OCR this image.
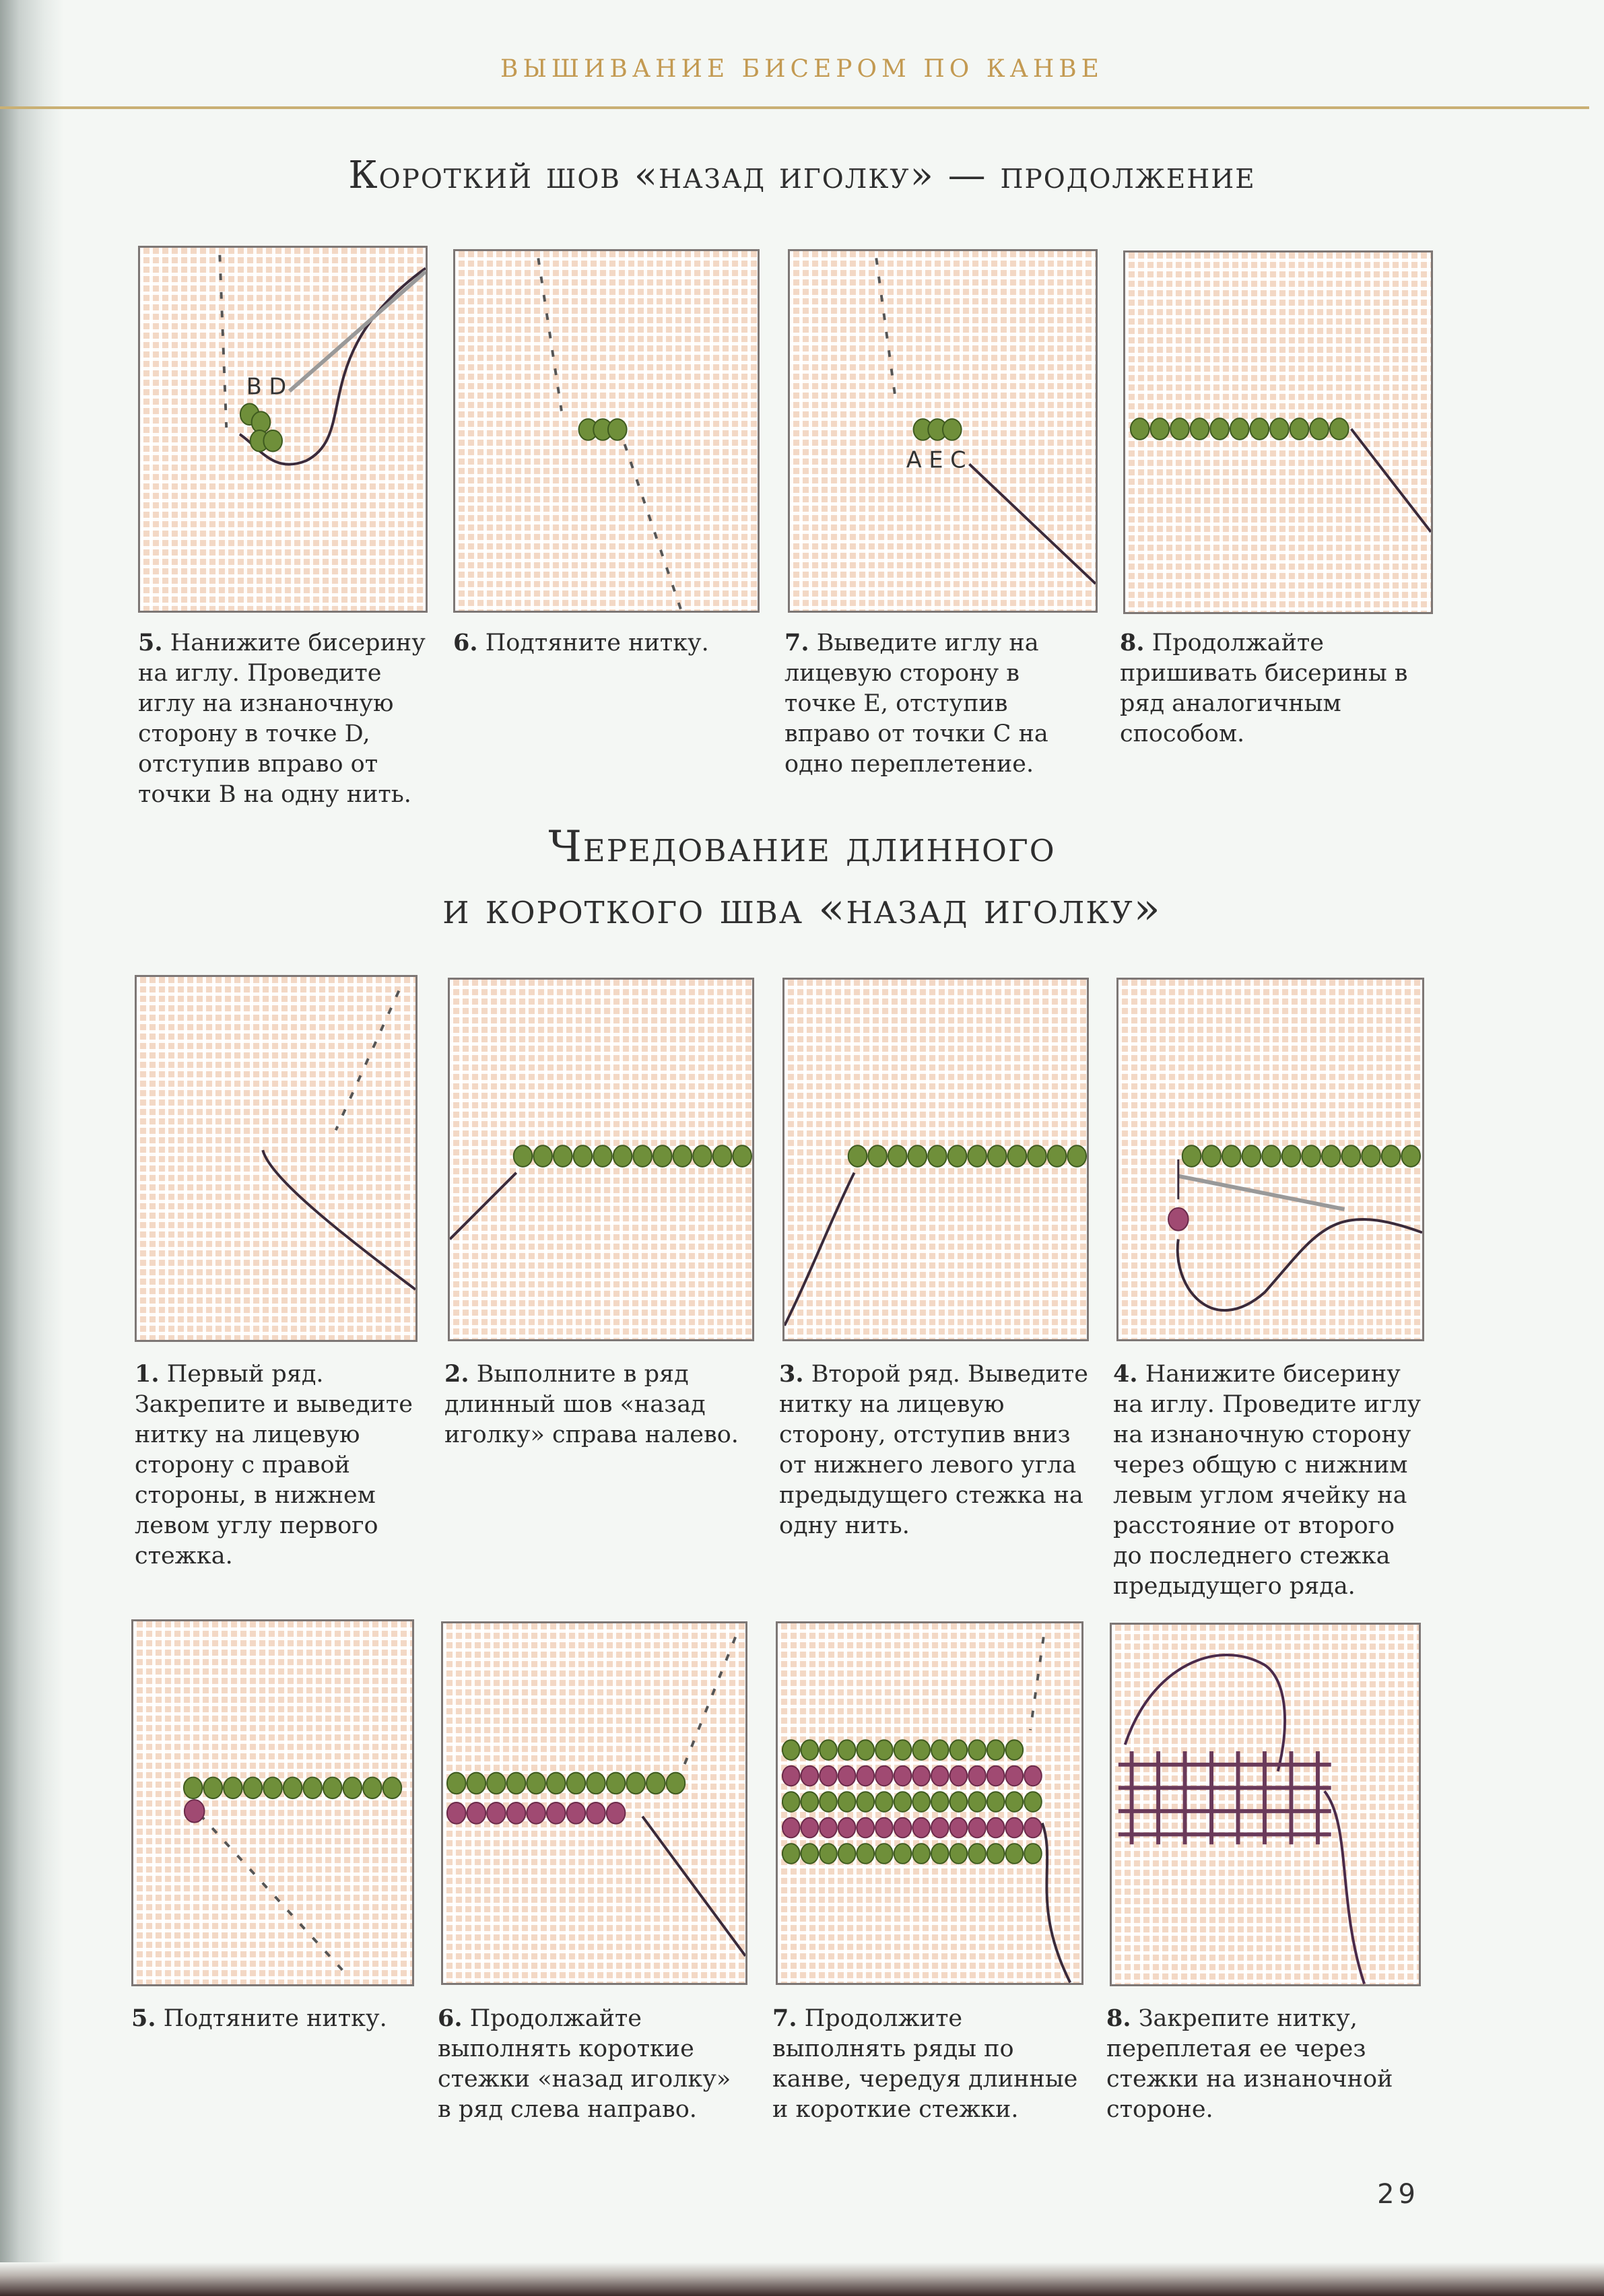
ВЫШИВАНИЕ БИСЕРОМ ПО КАНВЕ
Короткий шов «назад иголку» — продолжение
B D
A E C
5. Нанижите бисерину на иглу. Проведите иглу на изнаночную сторону в точке D, отступив вправо от точки B на одну нить.
6. Подтяните нитку.	7. Выведите иглу на лицевую сторону в точке E, отступив вправо от точки C на одно переплетение.
8. Продолжайте пришивать бисерины в ряд аналогичным способом.
Чередование длинного
и короткого шва «назад иголку»
1. Первый ряд. Закрепите и выведите нитку на лицевую сторону с правой стороны, в нижнем левом углу первого стежка.
2. Выполните в ряд длинный шов «назад иголку» справа налево.
3. Второй ряд. Выведите нитку на лицевую сторону, отступив вниз от нижнего левого угла предыдущего стежка на одну нить.
4. Нанижите бисерину на иглу. Проведите иглу на изнаночную сторону через общую с нижним левым углом ячейку на расстояние от второго до последнего стежка предыдущего ряда.
5. Подтяните нитку.	6. Продолжайте выполнять короткие стежки «назад иголку» в ряд слева направо.
7. Продолжите выполнять ряды по канве, чередуя длинные и короткие стежки.
8. Закрепите нитку, переплетая ее через стежки на изнаночной стороне.
29
